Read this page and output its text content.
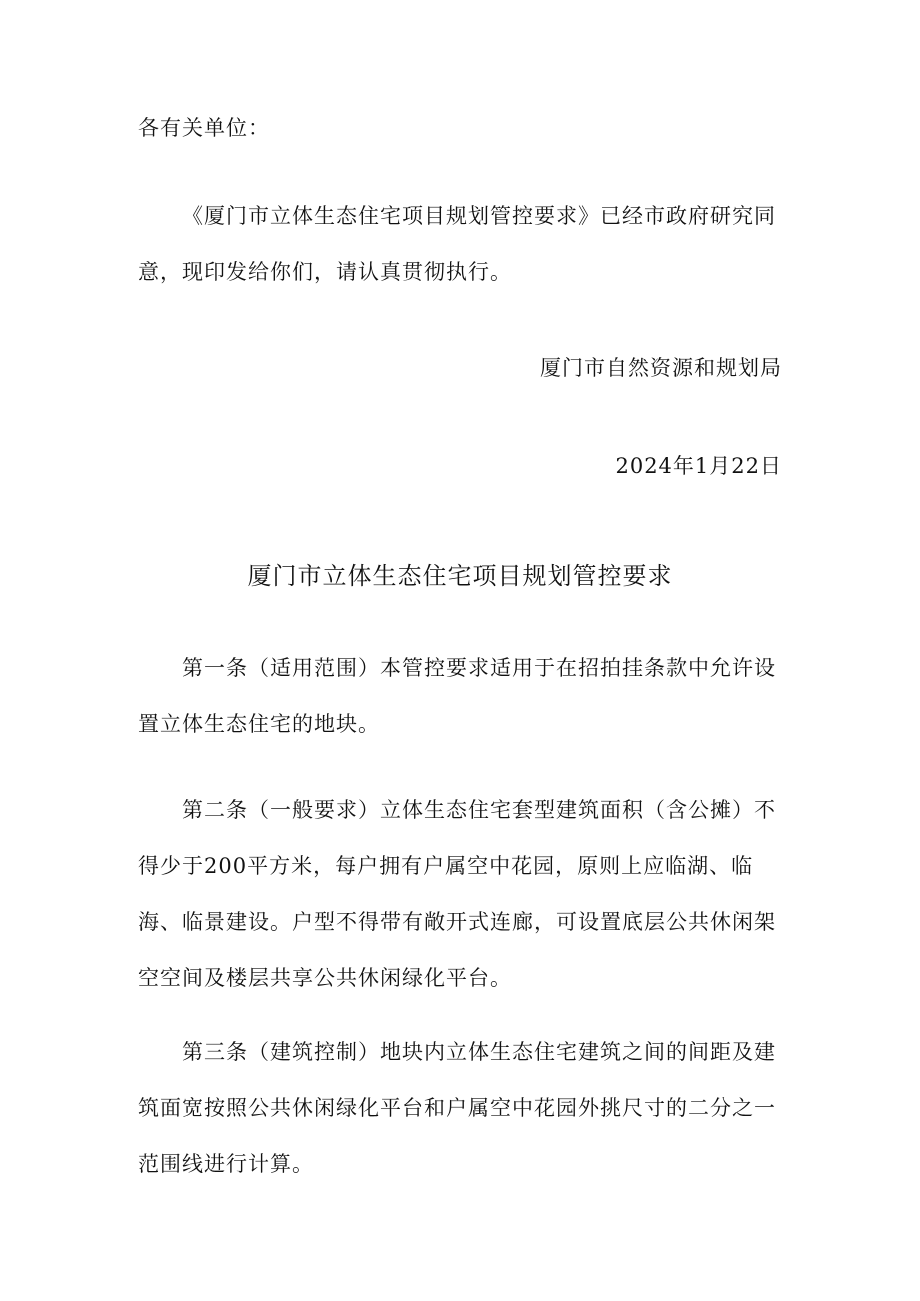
各有关单位：
《厦门市立体生态住宅项目规划管控要求》已经市政府研究同意，现印发给你们，请认真贯彻执行。
厦门市自然资源和规划局
2024年1月22日
厦门市立体生态住宅项目规划管控要求
第一条（适用范围）本管控要求适用于在招拍挂条款中允许设置立体生态住宅的地块。
第二条（一般要求）立体生态住宅套型建筑面积（含公摊）不得少于200平方米，每户拥有户属空中花园，原则上应临湖、临海、临景建设。户型不得带有敞开式连廊，可设置底层公共休闲架空空间及楼层共享公共休闲绿化平台。
第三条（建筑控制）地块内立体生态住宅建筑之间的间距及建筑面宽按照公共休闲绿化平台和户属空中花园外挑尺寸的二分之一范围线进行计算。
